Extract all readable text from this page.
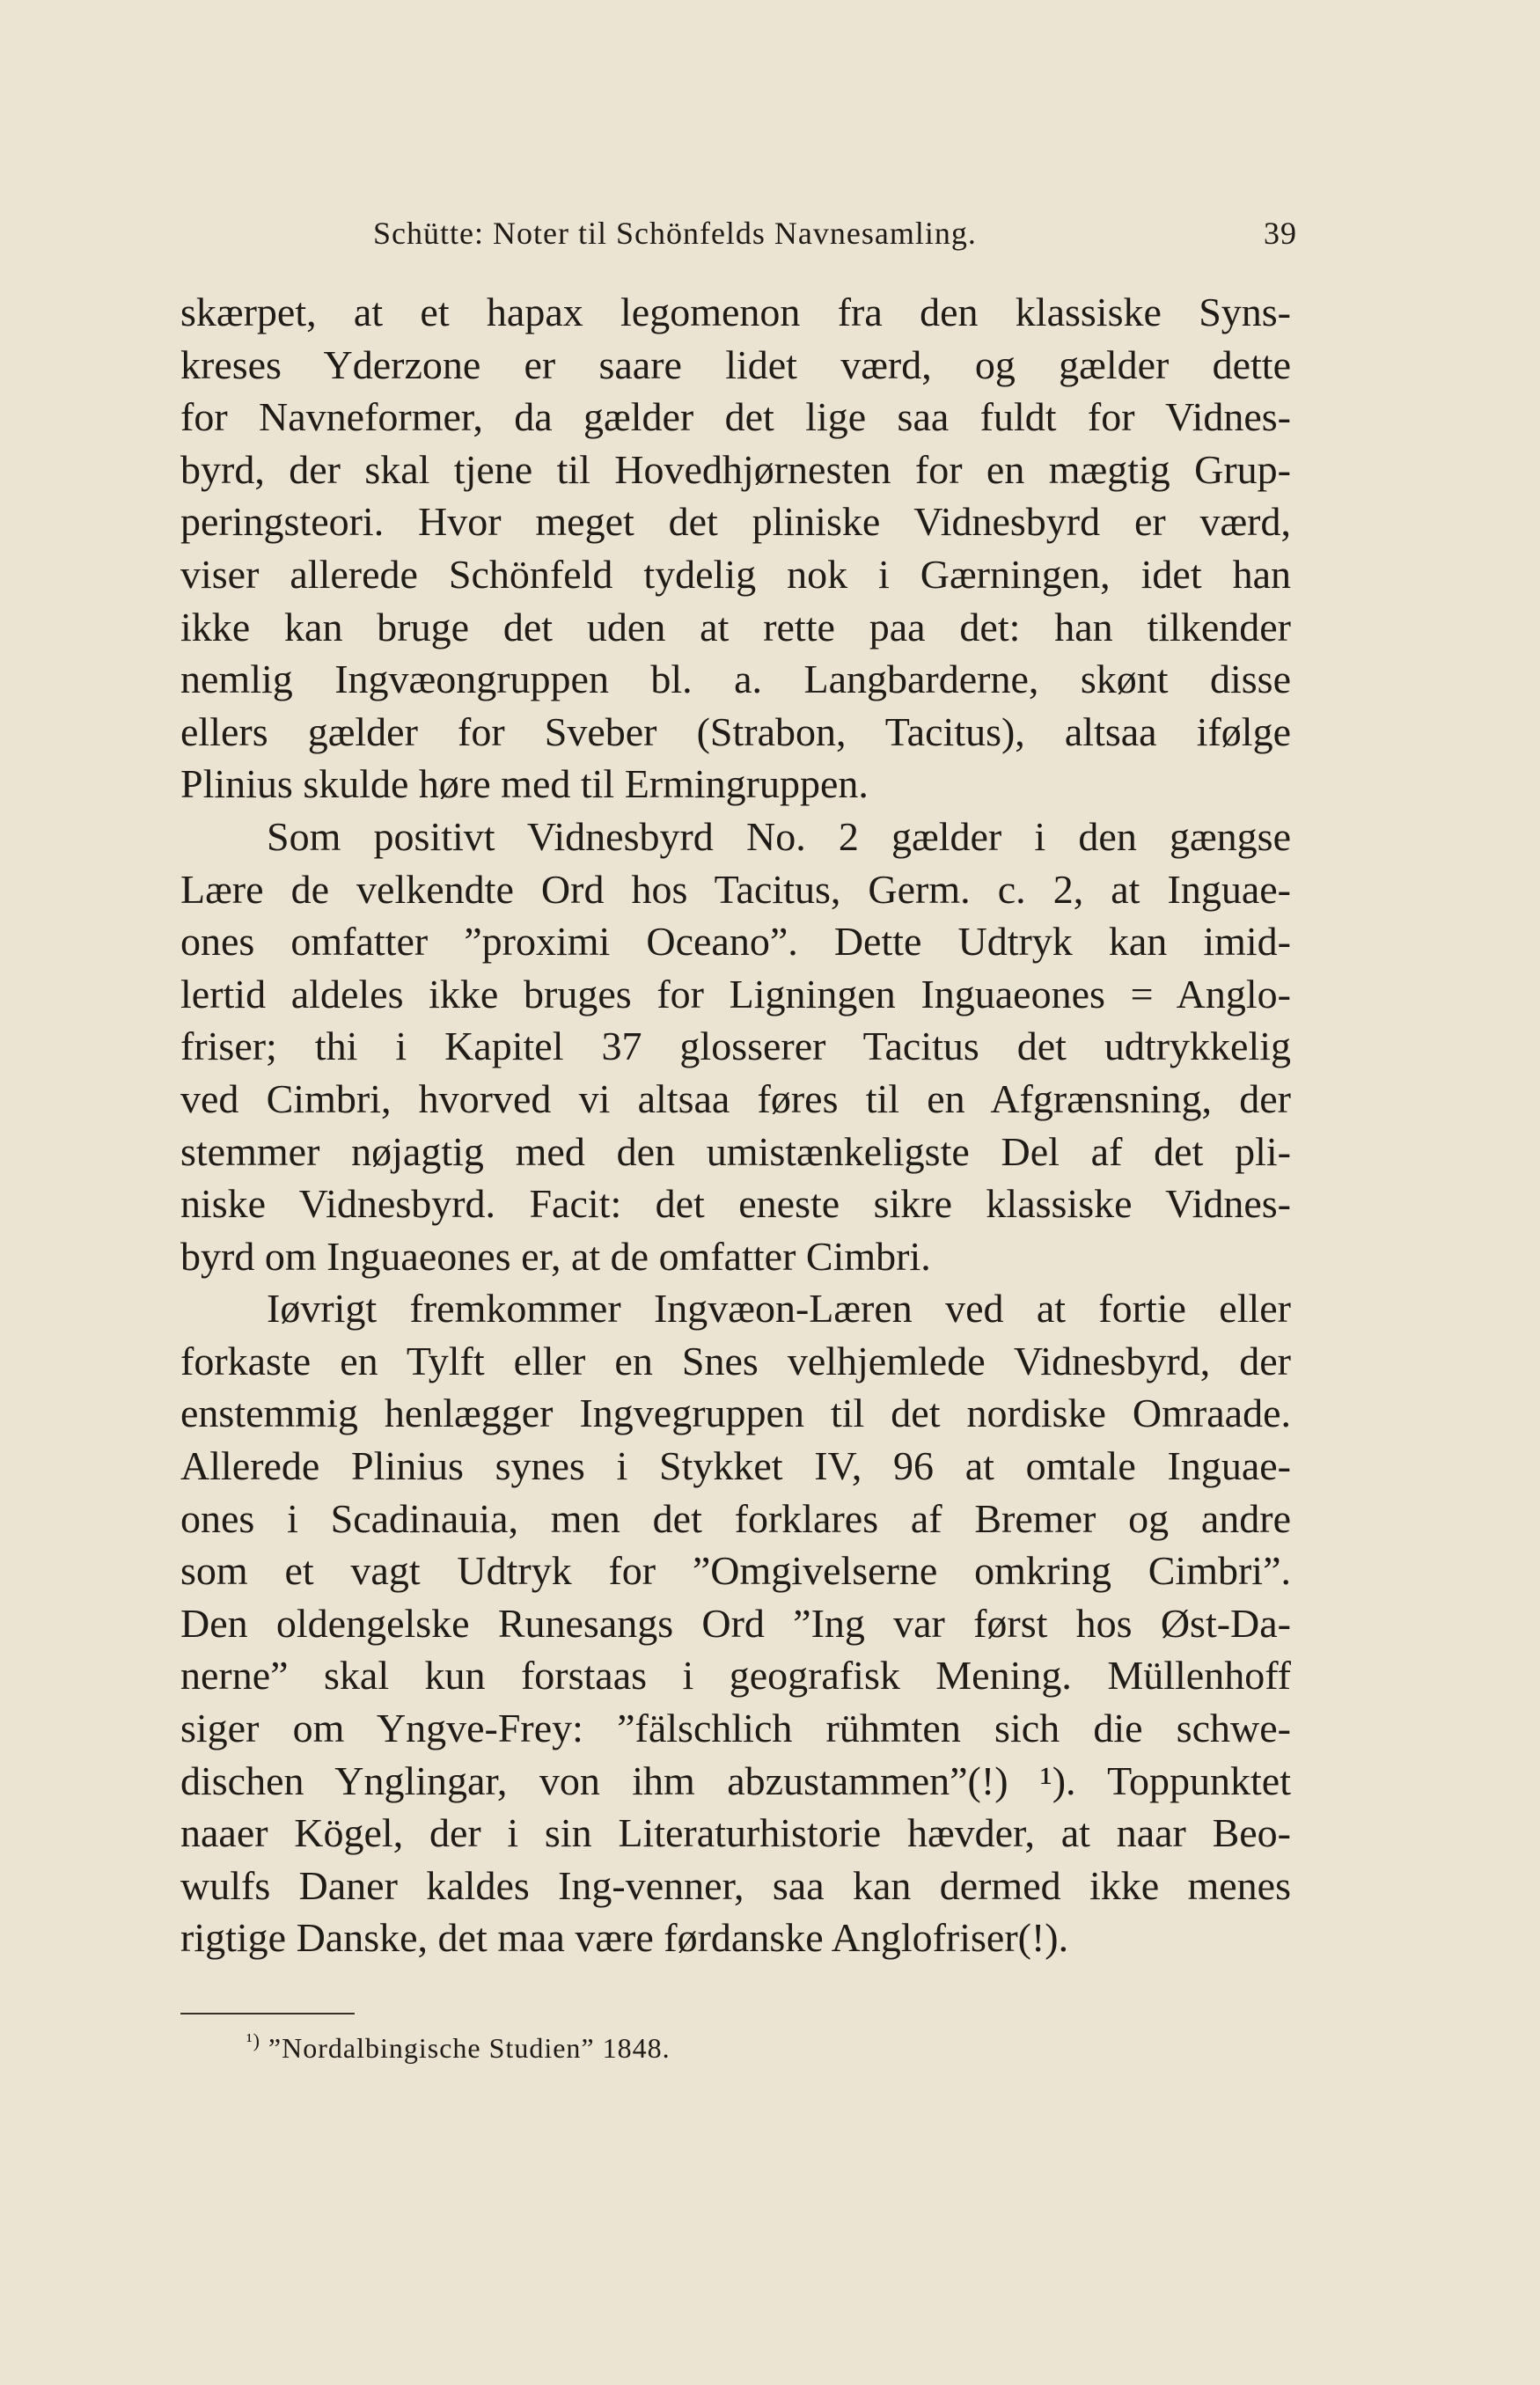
Schütte: Noter til Schönfelds Navnesamling.	39
skærpet, at et hapax legomenon fra den klassiske Syns-
kreses Yderzone er saare lidet værd, og gælder dette
for Navneformer, da gælder det lige saa fuldt for Vidnes-
byrd, der skal tjene til Hovedhjørnesten for en mægtig Grup-
peringsteori. Hvor meget det pliniske Vidnesbyrd er værd,
viser allerede Schönfeld tydelig nok i Gærningen, idet han
ikke kan bruge det uden at rette paa det: han tilkender
nemlig Ingvæongruppen bl. a. Langbarderne, skønt disse
ellers gælder for Sveber (Strabon, Tacitus), altsaa ifølge
Plinius skulde høre med til Ermingruppen.
Som positivt Vidnesbyrd No. 2 gælder i den gængse
Lære de velkendte Ord hos Tacitus, Germ. c. 2, at Inguae-
ones omfatter ”proximi Oceano”. Dette Udtryk kan imid-
lertid aldeles ikke bruges for Ligningen Inguaeones = Anglo-
friser; thi i Kapitel 37 glosserer Tacitus det udtrykkelig
ved Cimbri, hvorved vi altsaa føres til en Afgrænsning, der
stemmer nøjagtig med den umistænkeligste Del af det pli-
niske Vidnesbyrd. Facit: det eneste sikre klassiske Vidnes-
byrd om Inguaeones er, at de omfatter Cimbri.
Iøvrigt fremkommer Ingvæon-Læren ved at fortie eller
forkaste en Tylft eller en Snes velhjemlede Vidnesbyrd, der
enstemmig henlægger Ingvegruppen til det nordiske Omraade.
Allerede Plinius synes i Stykket IV, 96 at omtale Inguae-
ones i Scadinauia, men det forklares af Bremer og andre
som et vagt Udtryk for ”Omgivelserne omkring Cimbri”.
Den oldengelske Runesangs Ord ”Ing var først hos Øst-Da-
nerne” skal kun forstaas i geografisk Mening. Müllenhoff
siger om Yngve-Frey: ”fälschlich rühmten sich die schwe-
dischen Ynglingar, von ihm abzustammen”(!) ¹). Toppunktet
naaer Kögel, der i sin Literaturhistorie hævder, at naar Beo-
wulfs Daner kaldes Ing-venner, saa kan dermed ikke menes
rigtige Danske, det maa være førdanske Anglofriser(!).
$^{^1)}$ ”Nordalbingische Studien” 1848.
